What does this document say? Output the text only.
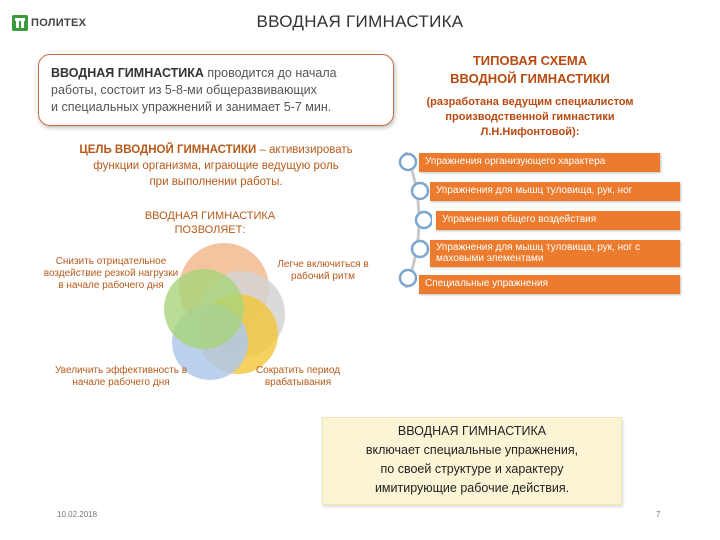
ПОЛИТЕХ	ВВОДНАЯ ГИМНАСТИКА
ВВОДНАЯ ГИМНАСТИКА проводится до начала
работы, состоит из 5-8-ми общеразвивающих
и специальных упражнений и занимает 5-7 мин.
ЦЕЛЬ ВВОДНОЙ ГИМНАСТИКИ – активизировать
функции организма, играющие ведущую роль
при выполнении работы.
ВВОДНАЯ ГИМНАСТИКА
ПОЗВОЛЯЕТ:
Снизить отрицательное воздействие резкой нагрузки в начале рабочего дня
Легче включиться в рабочий ритм
Увеличить эффективность в начале рабочего дня
Сократить период врабатывания
ТИПОВАЯ СХЕМА
ВВОДНОЙ ГИМНАСТИКИ
(разработана ведущим специалистом
производственной гимнастики
Л.Н.Нифонтовой):
Упражнения организующего характера
Упражнения для мышц туловища, рук, ног
Упражнения общего воздействия
Упражнения для мышц туловища, рук, ног с махoвыми элементами
Специальные упражнения
ВВОДНАЯ ГИМНАСТИКА
включает специальные упражнения,
по своей структуре и характеру
имитирующие рабочие действия.
10.02.2018	7
